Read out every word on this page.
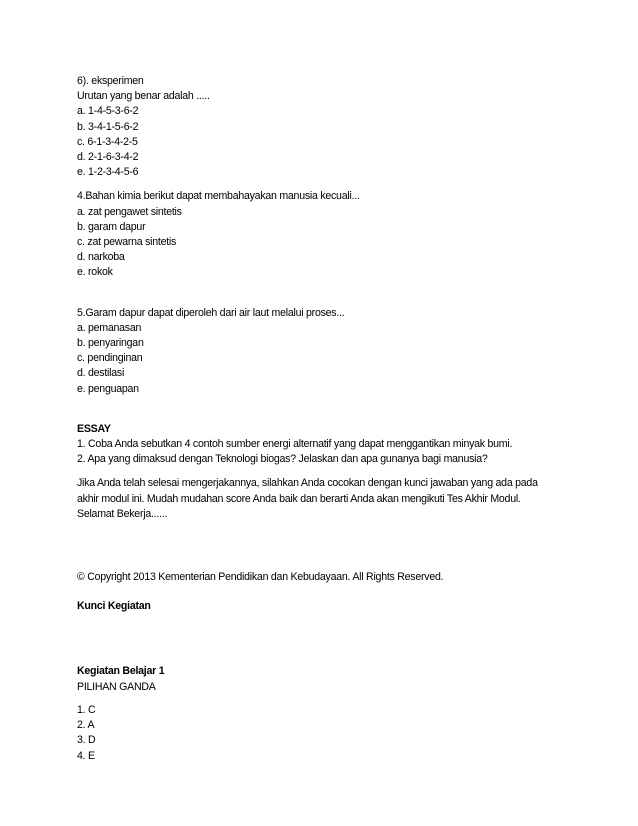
6). eksperimen
Urutan yang benar adalah .....
a. 1-4-5-3-6-2
b. 3-4-1-5-6-2
c. 6-1-3-4-2-5
d. 2-1-6-3-4-2
e. 1-2-3-4-5-6
4.Bahan kimia berikut dapat membahayakan manusia kecuali...
a. zat pengawet sintetis
b. garam dapur
c. zat pewarna sintetis
d. narkoba
e. rokok
5.Garam dapur dapat diperoleh dari air laut melalui proses...
a. pemanasan
b. penyaringan
c. pendinginan
d. destilasi
e. penguapan
ESSAY
1. Coba Anda sebutkan 4 contoh sumber energi alternatif yang dapat menggantikan minyak bumi.
2. Apa yang dimaksud dengan Teknologi biogas? Jelaskan dan apa gunanya bagi manusia?
Jika Anda telah selesai mengerjakannya, silahkan Anda cocokan dengan kunci jawaban yang ada pada
akhir modul ini. Mudah mudahan score Anda baik dan berarti Anda akan mengikuti Tes Akhir Modul.
Selamat Bekerja......
© Copyright 2013 Kementerian Pendidikan dan Kebudayaan. All Rights Reserved.
Kunci Kegiatan
Kegiatan Belajar 1
PILIHAN GANDA
1. C
2. A
3. D
4. E
